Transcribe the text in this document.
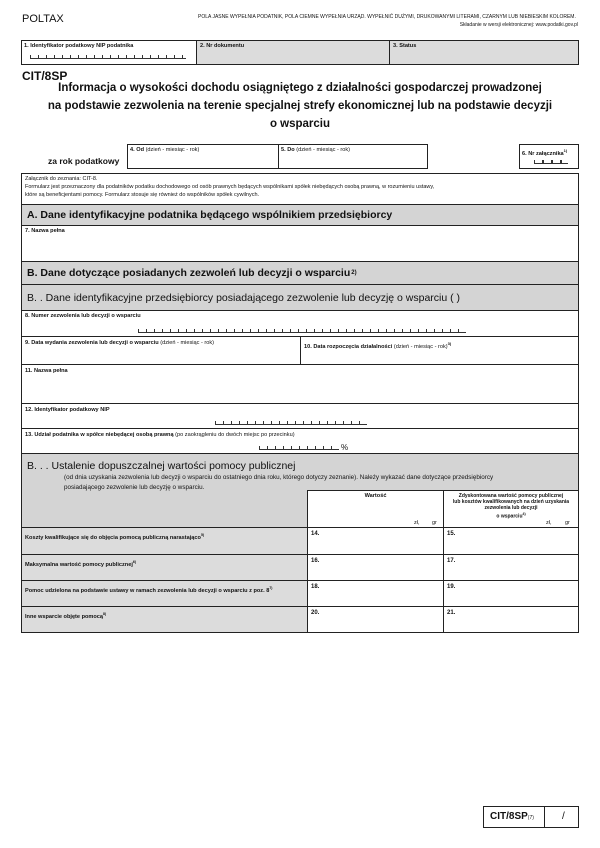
POLTAX	POLA JASNE WYPEŁNIA PODATNIK, POLA CIEMNE WYPEŁNIA URZĄD. WYPEŁNIĆ DUŻYMI, DRUKOWANYMI LITERAMI, CZARNYM LUB NIEBIESKIM KOLOREM.
Składanie w wersji elektronicznej: www.podatki.gov.pl
1. Identyfikator podatkowy NIP podatnika	2. Nr dokumentu	3. Status
CIT/8SP
Informacja o wysokości dochodu osiągniętego z działalności gospodarczej prowadzonej
na podstawie zezwolenia na terenie specjalnej strefy ekonomicznej lub na podstawie decyzji
o wsparciu
za rok podatkowy
4. Od (dzień - miesiąc - rok)	5. Do (dzień - miesiąc - rok)
6. Nr załącznika$^{1)}$
Załącznik do zeznania: CIT-8.
Formularz jest przeznaczony dla podatników podatku dochodowego od osób prawnych będących wspólnikami spółek niebędących osobą prawną, w rozumieniu ustawy,
które są beneficjentami pomocy. Formularz stosuje się również do wspólników spółek cywilnych.
A. Dane identyfikacyjne podatnika będącego wspólnikiem przedsiębiorcy
7. Nazwa pełna
B. Dane dotyczące posiadanych zezwoleń lub decyzji o wsparciu 2)
B. . Dane identyfikacyjne przedsiębiorcy posiadającego zezwolenie lub decyzję o wsparciu ( )
8. Numer zezwolenia lub decyzji o wsparciu
9. Data wydania zezwolenia lub decyzji o wsparciu (dzień - miesiąc - rok)
10. Data rozpoczęcia działalności (dzień - miesiąc - rok)$^{3)}$
11. Nazwa pełna
12. Identyfikator podatkowy NIP
13. Udział podatnika w spółce niebędącej osobą prawną (po zaokrągleniu do dwóch miejsc po przecinku)
%
B. . . Ustalenie dopuszczalnej wartości pomocy publicznej
(od dnia uzyskania zezwolenia lub decyzji o wsparciu do ostatniego dnia roku, którego dotyczy zeznanie). Należy wykazać dane dotyczące przedsiębiorcy
posiadającego zezwolenie lub decyzję o wsparciu.
Wartość
zł, gr
Zdyskontowana wartość pomocy publicznej
lub kosztów kwalifikowanych na dzień uzyskania
zezwolenia lub decyzji
o wsparciu$^{4)}$
zł, gr
Koszty kwalifikujące się do objęcia pomocą publiczną narastająco$^{5)}$	14.	15.
Maksymalna wartość pomocy publicznej$^{6)}$	16.	17.
Pomoc udzielona na podstawie ustawy w ramach zezwolenia lub decyzji o wsparciu z poz. 8$^{7)}$	18.	19.
Inne wsparcie objęte pomocą$^{8)}$	20.	21.
CIT/8SP(7)	/
